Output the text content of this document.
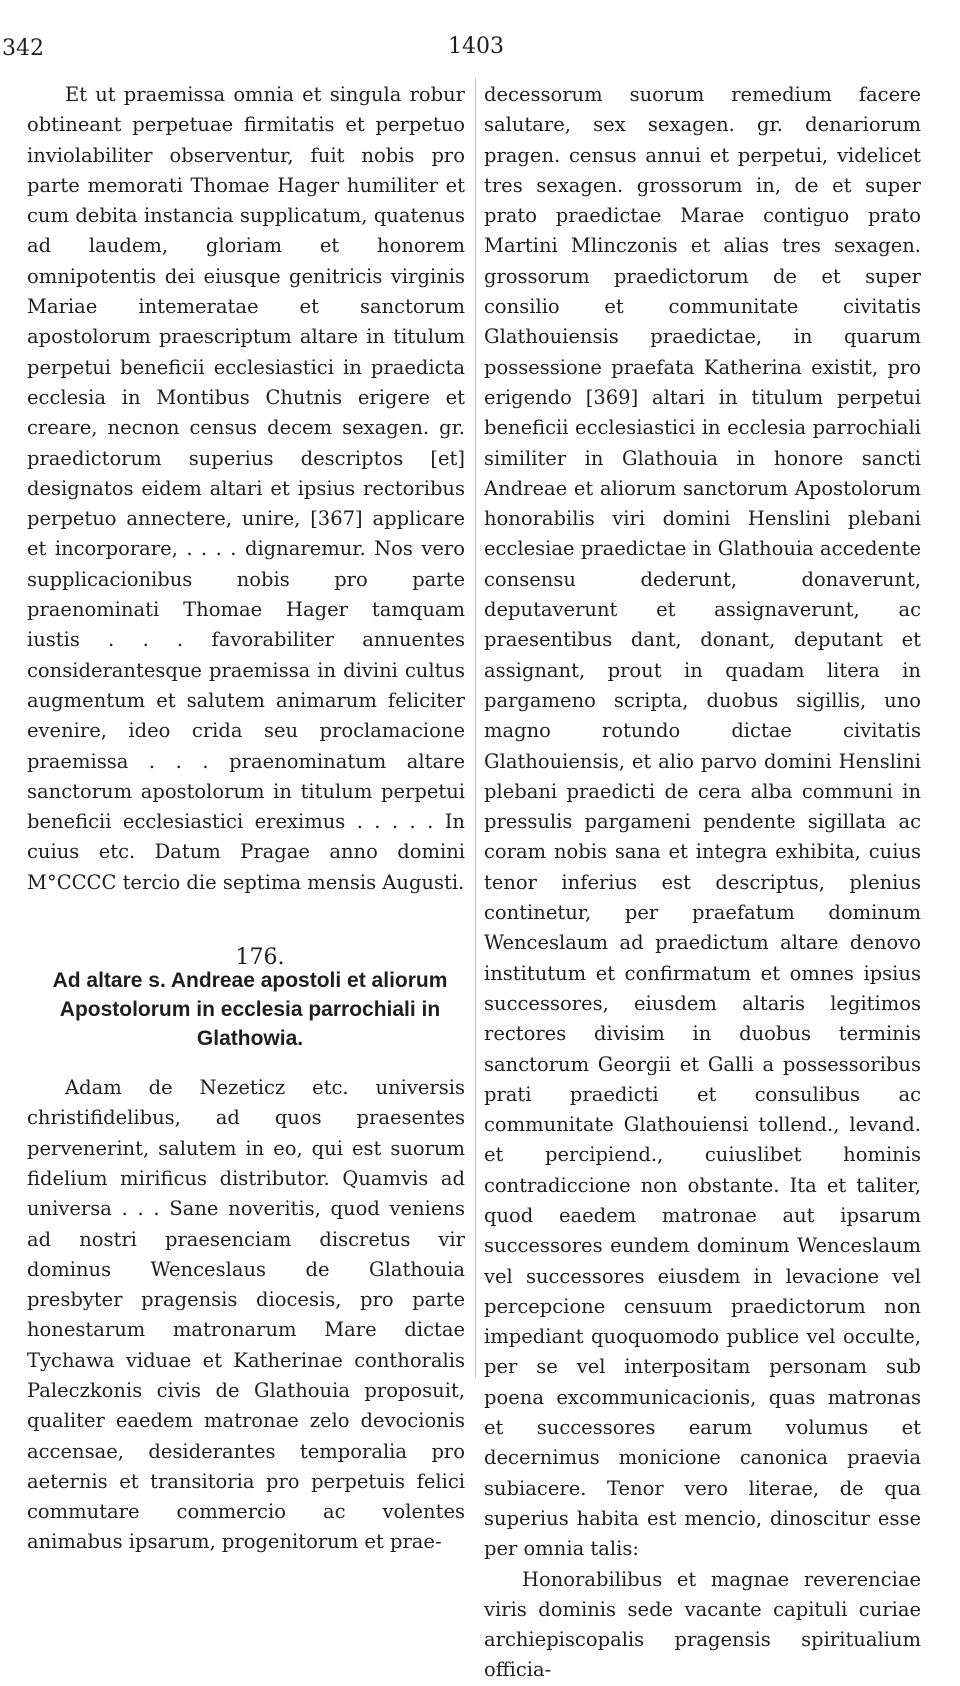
342	1403

Et ut praemissa omnia et singula robur obtineant perpetuae firmitatis et perpetuo inviolabiliter observentur, fuit nobis pro parte memorati Thomae Hager humiliter et cum debita instancia supplicatum, quatenus ad laudem, gloriam et honorem omnipotentis dei eiusque genitricis virginis Mariae intemeratae et sanctorum apostolorum praescriptum altare in titulum perpetui beneficii ecclesiastici in praedicta ecclesia in Montibus Chutnis erigere et creare, necnon census decem sexagen. gr. praedictorum superius descriptos [et] designatos eidem altari et ipsius rectoribus perpetuo annectere, unire, [367] applicare et incorporare, . . . . dignaremur. Nos vero supplicacionibus nobis pro parte praenominati Thomae Hager tamquam iustis . . . favorabiliter annuentes considerantesque praemissa in divini cultus augmentum et salutem animarum feliciter evenire, ideo crida seu proclamacione praemissa . . . praenominatum altare sanctorum apostolorum in titulum perpetui beneficii ecclesiastici ereximus . . . . . In cuius etc. Datum Pragae anno domini M°CCCC tercio die septima mensis Augusti.

176.

Ad altare s. Andreae apostoli et aliorum
Apostolorum in ecclesia parrochiali in
Glathowia.

Adam de Nezeticz etc. universis christifidelibus, ad quos praesentes pervenerint, salutem in eo, qui est suorum fidelium mirificus distributor. Quamvis ad universa . . . Sane noveritis, quod veniens ad nostri praesenciam discretus vir dominus Wenceslaus de Glathouia presbyter pragensis diocesis, pro parte honestarum matronarum Mare dictae Tychawa viduae et Katherinae conthoralis Paleczkonis civis de Glathouia proposuit, qualiter eaedem matronae zelo devocionis accensae, desiderantes temporalia pro aeternis et transitoria pro perpetuis felici commutare commercio ac volentes animabus ipsarum, progenitorum et prae-

decessorum suorum remedium facere salutare, sex sexagen. gr. denariorum pragen. census annui et perpetui, videlicet tres sexagen. grossorum in, de et super prato praedictae Marae contiguo prato Martini Mlinczonis et alias tres sexagen. grossorum praedictorum de et super consilio et communitate civitatis Glathouiensis praedictae, in quarum possessione praefata Katherina existit, pro erigendo [369] altari in titulum perpetui beneficii ecclesiastici in ecclesia parrochiali similiter in Glathouia in honore sancti Andreae et aliorum sanctorum Apostolorum honorabilis viri domini Henslini plebani ecclesiae praedictae in Glathouia accedente consensu dederunt, donaverunt, deputaverunt et assignaverunt, ac praesentibus dant, donant, deputant et assignant, prout in quadam litera in pargameno scripta, duobus sigillis, uno magno rotundo dictae civitatis Glathouiensis, et alio parvo domini Henslini plebani praedicti de cera alba communi in pressulis pargameni pendente sigillata ac coram nobis sana et integra exhibita, cuius tenor inferius est descriptus, plenius continetur, per praefatum dominum Wenceslaum ad praedictum altare denovo institutum et confirmatum et omnes ipsius successores, eiusdem altaris legitimos rectores divisim in duobus terminis sanctorum Georgii et Galli a possessoribus prati praedicti et consulibus ac communitate Glathouiensi tollend., levand. et percipiend., cuiuslibet hominis contradiccione non obstante. Ita et taliter, quod eaedem matronae aut ipsarum successores eundem dominum Wenceslaum vel successores eiusdem in levacione vel percepcione censuum praedictorum non impediant quoquomodo publice vel occulte, per se vel interpositam personam sub poena excommunicacionis, quas matronas et successores earum volumus et decernimus monicione canonica praevia subiacere. Tenor vero literae, de qua superius habita est mencio, dinoscitur esse per omnia talis:

Honorabilibus et magnae reverenciae viris dominis sede vacante capituli curiae archiepiscopalis pragensis spiritualium officia-
